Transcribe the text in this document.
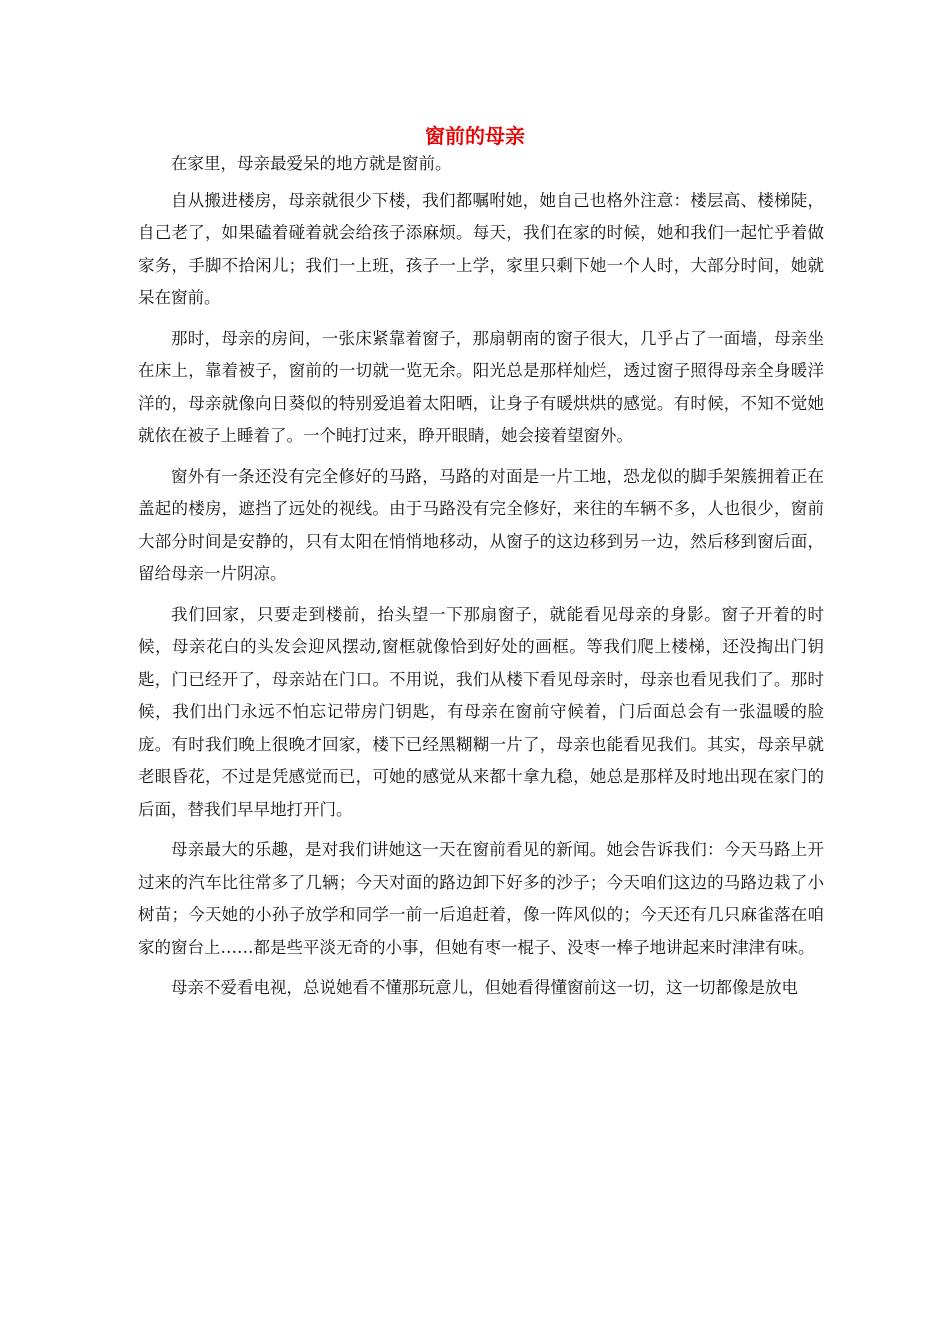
窗前的母亲

在家里，母亲最爱呆的地方就是窗前。

自从搬进楼房，母亲就很少下楼，我们都嘱咐她，她自己也格外注意：楼层高、楼梯陡，自己老了，如果磕着碰着就会给孩子添麻烦。每天，我们在家的时候，她和我们一起忙乎着做家务，手脚不拾闲儿；我们一上班，孩子一上学，家里只剩下她一个人时，大部分时间，她就呆在窗前。

那时，母亲的房间，一张床紧靠着窗子，那扇朝南的窗子很大，几乎占了一面墙，母亲坐在床上，靠着被子，窗前的一切就一览无余。阳光总是那样灿烂，透过窗子照得母亲全身暖洋洋的，母亲就像向日葵似的特别爱追着太阳晒，让身子有暖烘烘的感觉。有时候，不知不觉她就依在被子上睡着了。一个盹打过来，睁开眼睛，她会接着望窗外。

窗外有一条还没有完全修好的马路，马路的对面是一片工地，恐龙似的脚手架簇拥着正在盖起的楼房，遮挡了远处的视线。由于马路没有完全修好，来往的车辆不多，人也很少，窗前大部分时间是安静的，只有太阳在悄悄地移动，从窗子的这边移到另一边，然后移到窗后面，留给母亲一片阴凉。

我们回家，只要走到楼前，抬头望一下那扇窗子，就能看见母亲的身影。窗子开着的时候，母亲花白的头发会迎风摆动,窗框就像恰到好处的画框。等我们爬上楼梯，还没掏出门钥匙，门已经开了，母亲站在门口。不用说，我们从楼下看见母亲时，母亲也看见我们了。那时候，我们出门永远不怕忘记带房门钥匙，有母亲在窗前守候着，门后面总会有一张温暖的脸庞。有时我们晚上很晚才回家，楼下已经黑糊糊一片了，母亲也能看见我们。其实，母亲早就老眼昏花，不过是凭感觉而已，可她的感觉从来都十拿九稳，她总是那样及时地出现在家门的后面，替我们早早地打开门。

母亲最大的乐趣，是对我们讲她这一天在窗前看见的新闻。她会告诉我们：今天马路上开过来的汽车比往常多了几辆；今天对面的路边卸下好多的沙子；今天咱们这边的马路边栽了小树苗；今天她的小孙子放学和同学一前一后追赶着，像一阵风似的；今天还有几只麻雀落在咱家的窗台上……都是些平淡无奇的小事，但她有枣一棍子、没枣一棒子地讲起来时津津有味。

母亲不爱看电视，总说她看不懂那玩意儿，但她看得懂窗前这一切，这一切都像是放电
